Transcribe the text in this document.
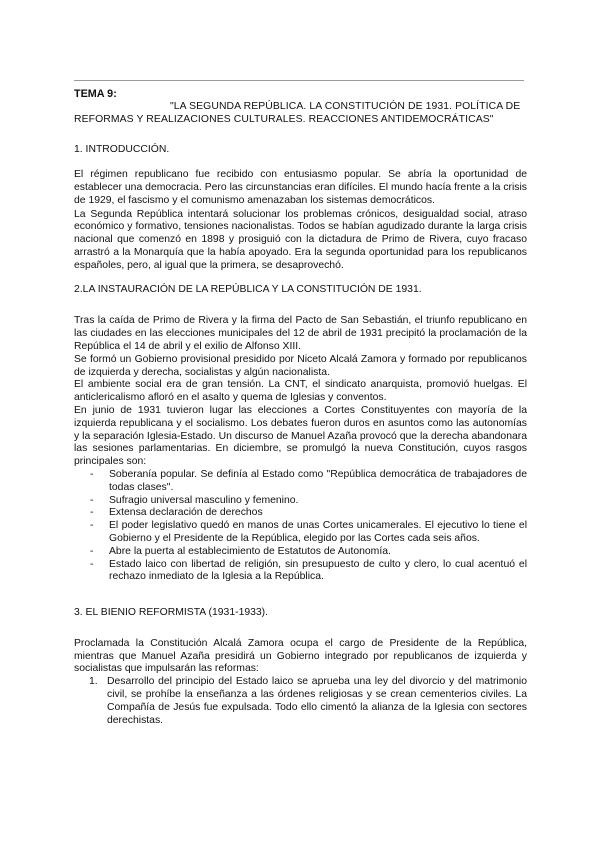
TEMA 9:

"LA SEGUNDA REPÚBLICA. LA CONSTITUCIÓN DE 1931. POLÍTICA DE

REFORMAS Y REALIZACIONES CULTURALES. REACCIONES ANTIDEMOCRÁTICAS"

1. INTRODUCCIÓN.

El régimen republicano fue recibido con entusiasmo popular. Se abría la oportunidad de establecer una democracia. Pero las circunstancias eran difíciles. El mundo hacía frente a la crisis de 1929, el fascismo y el comunismo amenazaban los sistemas democráticos.

La Segunda República intentará solucionar los problemas crónicos, desigualdad social, atraso económico y formativo, tensiones nacionalistas. Todos se habían agudizado durante la larga crisis nacional que comenzó en 1898 y prosiguió con la dictadura de Primo de Rivera, cuyo fracaso arrastró a la Monarquía que la había apoyado. Era la segunda oportunidad para los republicanos españoles, pero, al igual que la primera, se desaprovechó.

2.LA INSTAURACIÓN DE LA REPÚBLICA Y LA CONSTITUCIÓN DE 1931.

Tras la caída de Primo de Rivera y la firma del Pacto de San Sebastián, el triunfo republicano en las ciudades en las elecciones municipales del 12 de abril de 1931 precipitó la proclamación de la República el 14 de abril y el exilio de Alfonso XIII.

Se formó un Gobierno provisional presidido por Niceto Alcalá Zamora y formado por republicanos de izquierda y derecha, socialistas y algún nacionalista.

El ambiente social era de gran tensión. La CNT, el sindicato anarquista, promovió huelgas. El anticlericalismo afloró en el asalto y quema de Iglesias y conventos.

En junio de 1931 tuvieron lugar las elecciones a Cortes Constituyentes con mayoría de la izquierda republicana y el socialismo. Los debates fueron duros en asuntos como las autonomías y la separación Iglesia-Estado. Un discurso de Manuel Azaña provocó que la derecha abandonara las sesiones parlamentarias. En diciembre, se promulgó la nueva Constitución, cuyos rasgos principales son:

-	Soberanía popular. Se definía al Estado como "República democrática de trabajadores de todas clases".
-	Sufragio universal masculino y femenino.
-	Extensa declaración de derechos
-	El poder legislativo quedó en manos de unas Cortes unicamerales. El ejecutivo lo tiene el Gobierno y el Presidente de la República, elegido por las Cortes cada seis años.
-	Abre la puerta al establecimiento de Estatutos de Autonomía.
-	Estado laico con libertad de religión, sin presupuesto de culto y clero, lo cual acentuó el rechazo inmediato de la Iglesia a la República.

3. EL BIENIO REFORMISTA (1931-1933).

Proclamada la Constitución Alcalá Zamora ocupa el cargo de Presidente de la República, mientras que Manuel Azaña presidirá un Gobierno integrado por republicanos de izquierda y socialistas que impulsarán las reformas:

1. Desarrollo del principio del Estado laico se aprueba una ley del divorcio y del matrimonio civil, se prohíbe la enseñanza a las órdenes religiosas y se crean cementerios civiles. La Compañía de Jesús fue expulsada. Todo ello cimentó la alianza de la Iglesia con sectores derechistas.
